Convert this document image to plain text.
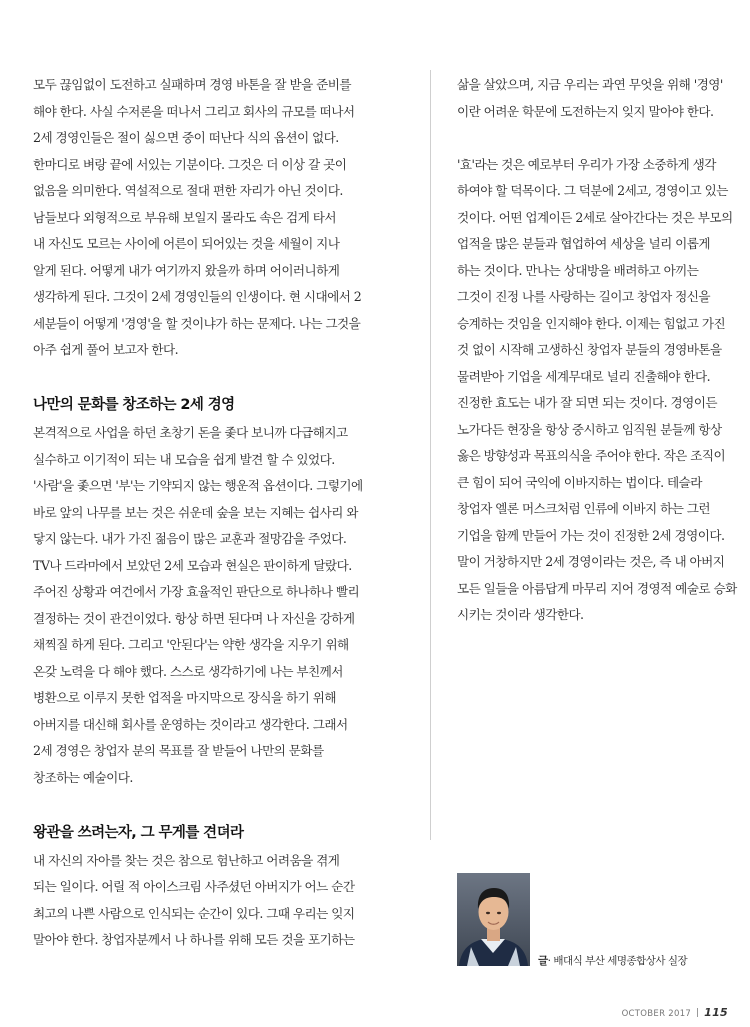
모두 끊임없이 도전하고 실패하며 경영 바톤을 잘 받을 준비를
해야 한다. 사실 수저론을 떠나서 그리고 회사의 규모를 떠나서
2세 경영인들은 절이 싫으면 중이 떠난다 식의 옵션이 없다.
한마디로 벼랑 끝에 서있는 기분이다. 그것은 더 이상 갈 곳이
없음을 의미한다. 역설적으로 절대 편한 자리가 아닌 것이다.
남들보다 외형적으로 부유해 보일지 몰라도 속은 검게 타서
내 자신도 모르는 사이에 어른이 되어있는 것을 세월이 지나
알게 된다. 어떻게 내가 여기까지 왔을까 하며 어이러니하게
생각하게 된다. 그것이 2세 경영인들의 인생이다. 현 시대에서 2
세분들이 어떻게 '경영'을 할 것이냐가 하는 문제다. 나는 그것을
아주 쉽게 풀어 보고자 한다.
나만의 문화를 창조하는 2세 경영
본격적으로 사업을 하던 초창기 돈을 좇다 보니까 다급해지고
실수하고 이기적이 되는 내 모습을 쉽게 발견 할 수 있었다.
'사람'을 좇으면 '부'는 기약되지 않는 행운적 옵션이다. 그렇기에
바로 앞의 나무를 보는 것은 쉬운데 숲을 보는 지혜는 쉽사리 와
닿지 않는다. 내가 가진 젊음이 많은 교훈과 절망감을 주었다.
TV나 드라마에서 보았던 2세 모습과 현실은 판이하게 달랐다.
주어진 상황과 여건에서 가장 효율적인 판단으로 하나하나 빨리
결정하는 것이 관건이었다. 항상 하면 된다며 나 자신을 강하게
채찍질 하게 된다. 그리고 '안된다'는 약한 생각을 지우기 위해
온갖 노력을 다 해야 했다. 스스로 생각하기에 나는 부친께서
병환으로 이루지 못한 업적을 마지막으로 장식을 하기 위해
아버지를 대신해 회사를 운영하는 것이라고 생각한다. 그래서
2세 경영은 창업자 분의 목표를 잘 받들어 나만의 문화를
창조하는 예술이다.
왕관을 쓰려는자, 그 무게를 견뎌라
내 자신의 자아를 찾는 것은 참으로 험난하고 어려움을 겪게
되는 일이다. 어릴 적 아이스크림 사주셨던 아버지가 어느 순간
최고의 나쁜 사람으로 인식되는 순간이 있다. 그때 우리는 잊지
말아야 한다. 창업자분께서 나 하나를 위해 모든 것을 포기하는
삶을 살았으며, 지금 우리는 과연 무엇을 위해 '경영'
이란 어려운 학문에 도전하는지 잊지 말아야 한다.
'효'라는 것은 예로부터 우리가 가장 소중하게 생각
하여야 할 덕목이다. 그 덕분에 2세고, 경영이고 있는
것이다. 어떤 업계이든 2세로 살아간다는 것은 부모의
업적을 많은 분들과 협업하여 세상을 널리 이롭게
하는 것이다. 만나는 상대방을 배려하고 아끼는
그것이 진정 나를 사랑하는 길이고 창업자 정신을
승계하는 것임을 인지해야 한다. 이제는 힘없고 가진
것 없이 시작해 고생하신 창업자 분들의 경영바톤을
물려받아 기업을 세계무대로 널리 진출해야 한다.
진정한 효도는 내가 잘 되면 되는 것이다. 경영이든
노가다든 현장을 항상 중시하고 임직원 분들께 항상
옳은 방향성과 목표의식을 주어야 한다. 작은 조직이
큰 힘이 되어 국익에 이바지하는 법이다. 테슬라
창업자 엘론 머스크처럼 인류에 이바지 하는 그런
기업을 함께 만들어 가는 것이 진정한 2세 경영이다.
말이 거창하지만 2세 경영이라는 것은, 즉 내 아버지
모든 일들을 아름답게 마무리 지어 경영적 예술로 승화
시키는 것이라 생각한다.
글· 배대식 부산 세명종합상사 실장
OCTOBER 2017 115
